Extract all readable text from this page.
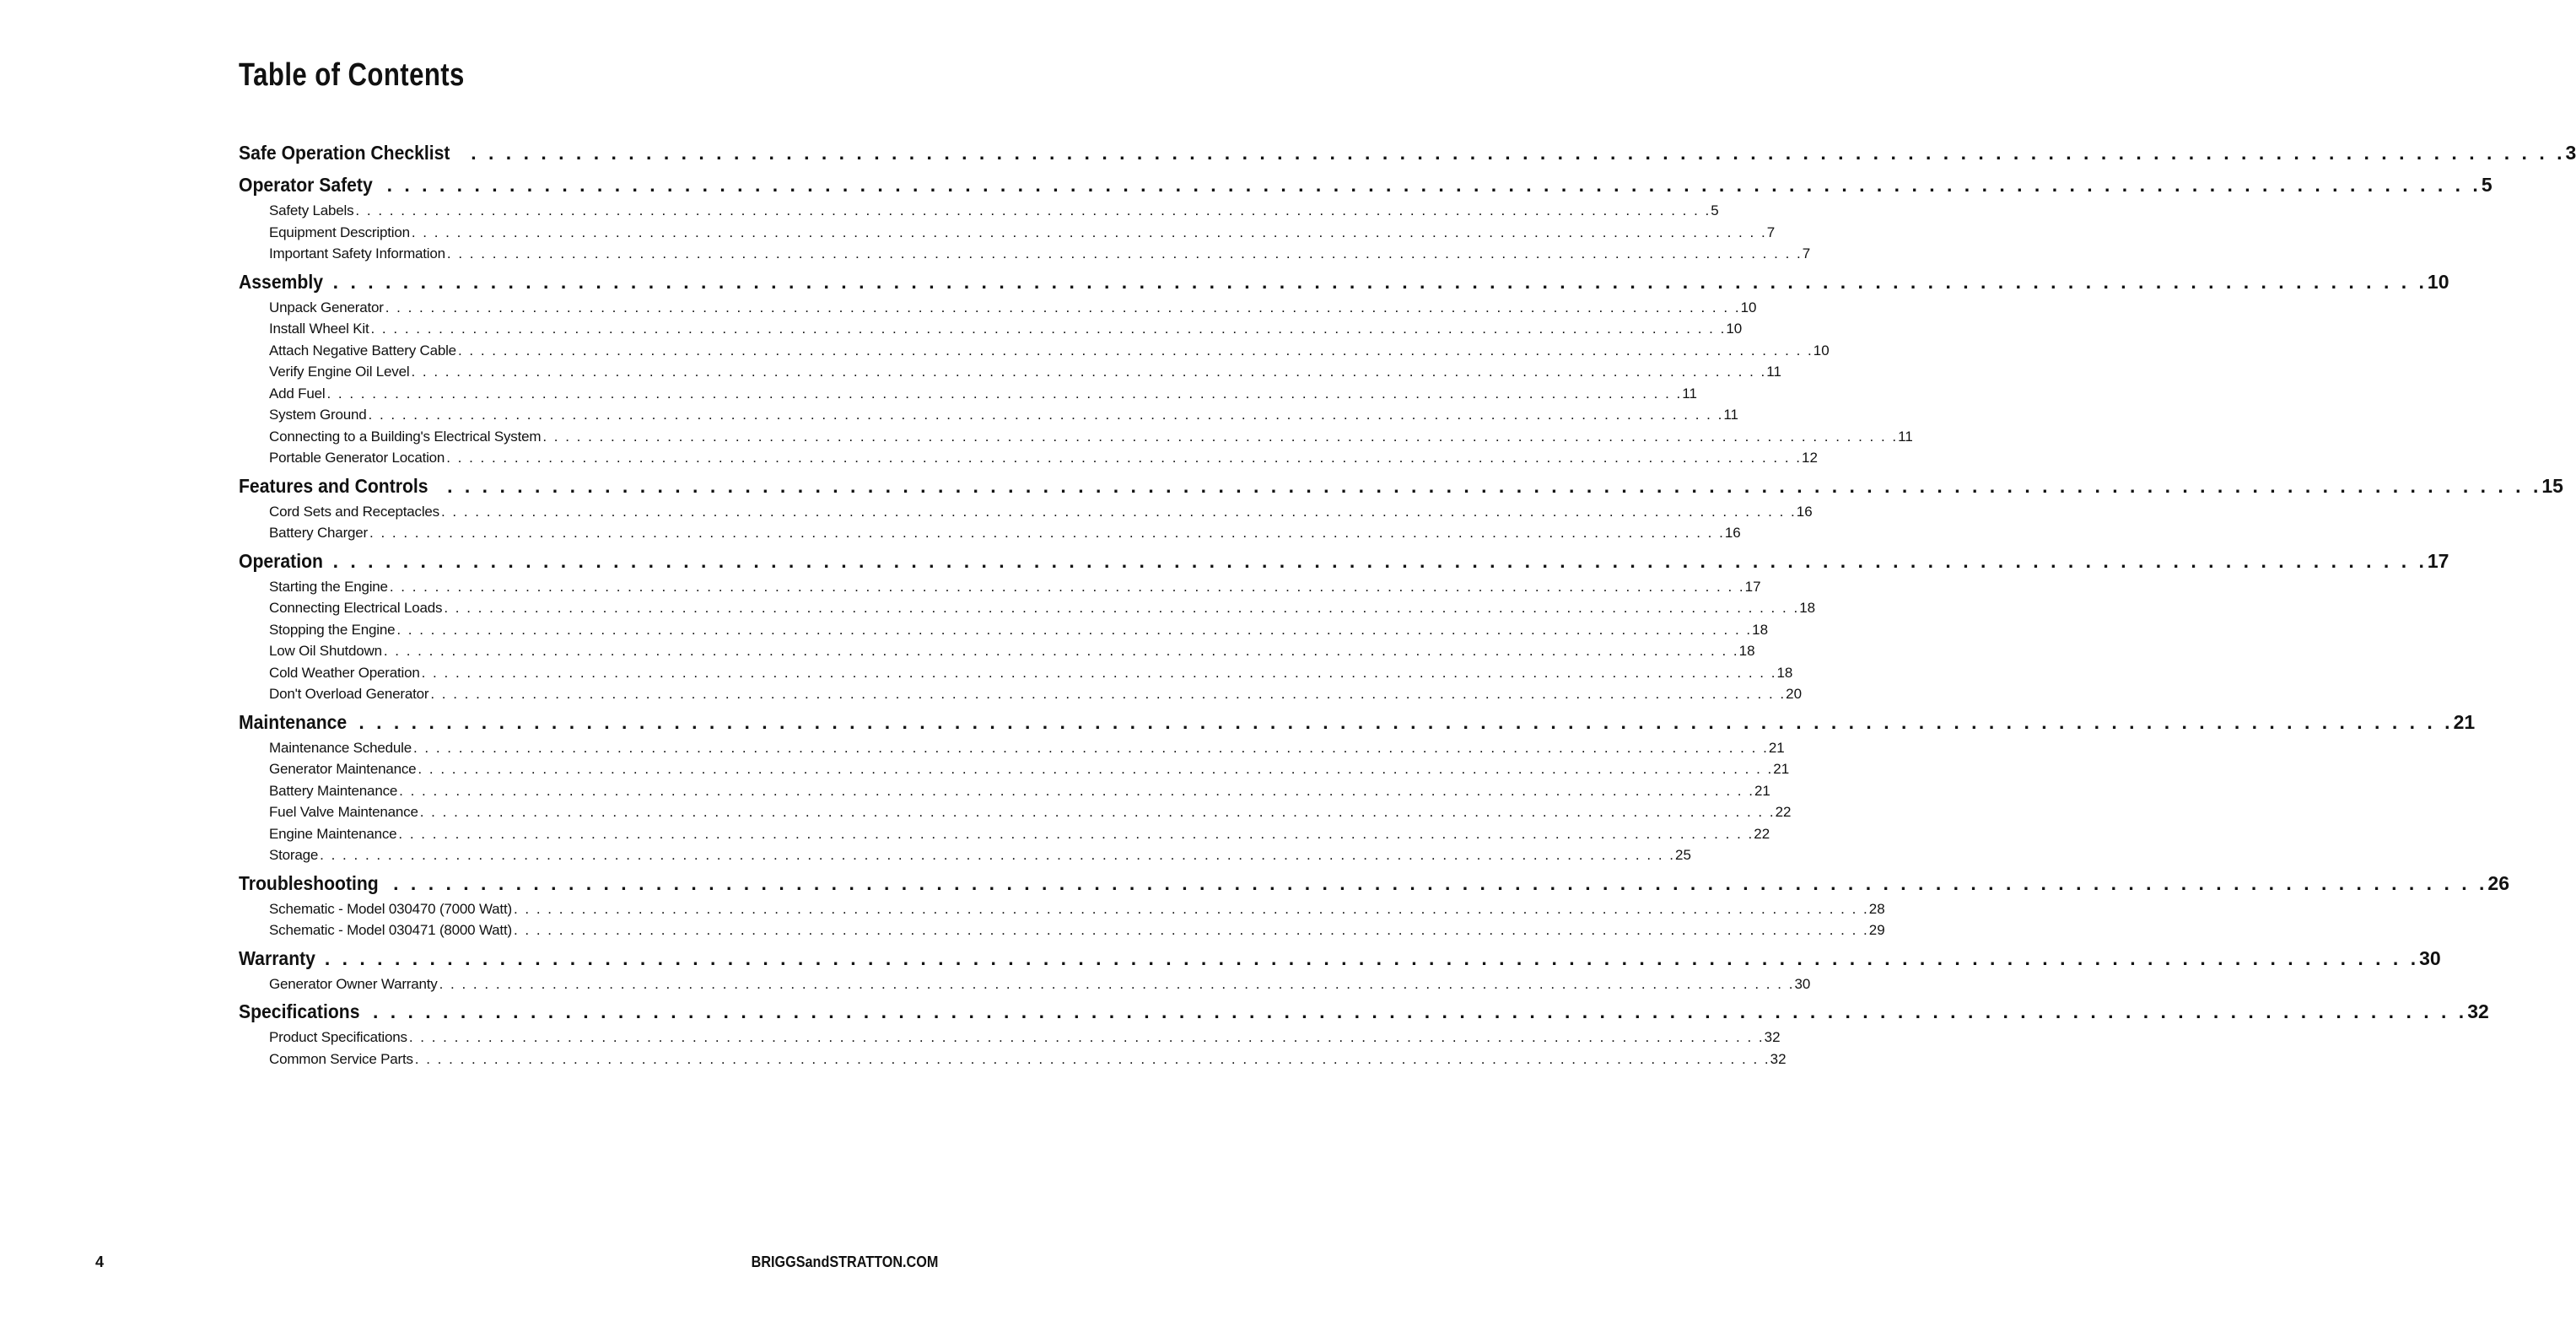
Table of Contents
Safe Operation Checklist . . . . . . . . . . . . . . . . . . . . . . . . . . . . . . . . . . . . . . . . . . . . . . . . . . . . . . . . . . . . . . . . . . . . . . . . . . . . . . . . . . . . . . . . . . . . . . . . . . . . . . . . . . . . . . . . . . . . . . . . 3
Operator Safety . . . . . . . . . . . . . . . . . . . . . . . . . . . . . . . . . . . . . . . . . . . . . . . . . . . . . . . . . . . . . . . . . . . . . . . . . . . . . . . . . . . . . . . . . . . . . . . . . . . . . . . . . . . . . . . . . . . . . . . . 5
Safety Labels . . . . . . . . . . . . . . . . . . . . . . . . . . . . . . . . . . . . . . . . . . . . . . . . . . . . . . . . . . . . . . . . . . . . . . . . . . . . . . . . . . . . . . . . . . . . . . . . . . . . . . . . . . . . . . . . . . . . . . . . 5
Equipment Description . . . . . . . . . . . . . . . . . . . . . . . . . . . . . . . . . . . . . . . . . . . . . . . . . . . . . . . . . . . . . . . . . . . . . . . . . . . . . . . . . . . . . . . . . . . . . . . . . . . . . . . . . . . . . . . . . . . . . . . . 7
Important Safety Information . . . . . . . . . . . . . . . . . . . . . . . . . . . . . . . . . . . . . . . . . . . . . . . . . . . . . . . . . . . . . . . . . . . . . . . . . . . . . . . . . . . . . . . . . . . . . . . . . . . . . . . . . . . . . . . . . . . . . . . . 7
Assembly . . . . . . . . . . . . . . . . . . . . . . . . . . . . . . . . . . . . . . . . . . . . . . . . . . . . . . . . . . . . . . . . . . . . . . . . . . . . . . . . . . . . . . . . . . . . . . . . . . . . . . . . . . . . . . . . . . . . . . . . 10
Unpack Generator . . . . . . . . . . . . . . . . . . . . . . . . . . . . . . . . . . . . . . . . . . . . . . . . . . . . . . . . . . . . . . . . . . . . . . . . . . . . . . . . . . . . . . . . . . . . . . . . . . . . . . . . . . . . . . . . . . . . . . . . 10
Install Wheel Kit . . . . . . . . . . . . . . . . . . . . . . . . . . . . . . . . . . . . . . . . . . . . . . . . . . . . . . . . . . . . . . . . . . . . . . . . . . . . . . . . . . . . . . . . . . . . . . . . . . . . . . . . . . . . . . . . . . . . . . . . 10
Attach Negative Battery Cable . . . . . . . . . . . . . . . . . . . . . . . . . . . . . . . . . . . . . . . . . . . . . . . . . . . . . . . . . . . . . . . . . . . . . . . . . . . . . . . . . . . . . . . . . . . . . . . . . . . . . . . . . . . . . . . . . . . . . . . . 10
Verify Engine Oil Level . . . . . . . . . . . . . . . . . . . . . . . . . . . . . . . . . . . . . . . . . . . . . . . . . . . . . . . . . . . . . . . . . . . . . . . . . . . . . . . . . . . . . . . . . . . . . . . . . . . . . . . . . . . . . . . . . . . . . . . . 11
Add Fuel . . . . . . . . . . . . . . . . . . . . . . . . . . . . . . . . . . . . . . . . . . . . . . . . . . . . . . . . . . . . . . . . . . . . . . . . . . . . . . . . . . . . . . . . . . . . . . . . . . . . . . . . . . . . . . . . . . . . . . . . 11
System Ground . . . . . . . . . . . . . . . . . . . . . . . . . . . . . . . . . . . . . . . . . . . . . . . . . . . . . . . . . . . . . . . . . . . . . . . . . . . . . . . . . . . . . . . . . . . . . . . . . . . . . . . . . . . . . . . . . . . . . . . . 11
Connecting to a Building's Electrical System . . . . . . . . . . . . . . . . . . . . . . . . . . . . . . . . . . . . . . . . . . . . . . . . . . . . . . . . . . . . . . . . . . . . . . . . . . . . . . . . . . . . . . . . . . . . . . . . . . . . . . . . . . . . . . . . . . . . . . . . 11
Portable Generator Location . . . . . . . . . . . . . . . . . . . . . . . . . . . . . . . . . . . . . . . . . . . . . . . . . . . . . . . . . . . . . . . . . . . . . . . . . . . . . . . . . . . . . . . . . . . . . . . . . . . . . . . . . . . . . . . . . . . . . . . . 12
Features and Controls . . . . . . . . . . . . . . . . . . . . . . . . . . . . . . . . . . . . . . . . . . . . . . . . . . . . . . . . . . . . . . . . . . . . . . . . . . . . . . . . . . . . . . . . . . . . . . . . . . . . . . . . . . . . . . . . . . . . . . . . 15
Cord Sets and Receptacles . . . . . . . . . . . . . . . . . . . . . . . . . . . . . . . . . . . . . . . . . . . . . . . . . . . . . . . . . . . . . . . . . . . . . . . . . . . . . . . . . . . . . . . . . . . . . . . . . . . . . . . . . . . . . . . . . . . . . . . . 16
Battery Charger . . . . . . . . . . . . . . . . . . . . . . . . . . . . . . . . . . . . . . . . . . . . . . . . . . . . . . . . . . . . . . . . . . . . . . . . . . . . . . . . . . . . . . . . . . . . . . . . . . . . . . . . . . . . . . . . . . . . . . . . 16
Operation . . . . . . . . . . . . . . . . . . . . . . . . . . . . . . . . . . . . . . . . . . . . . . . . . . . . . . . . . . . . . . . . . . . . . . . . . . . . . . . . . . . . . . . . . . . . . . . . . . . . . . . . . . . . . . . . . . . . . . . . 17
Starting the Engine . . . . . . . . . . . . . . . . . . . . . . . . . . . . . . . . . . . . . . . . . . . . . . . . . . . . . . . . . . . . . . . . . . . . . . . . . . . . . . . . . . . . . . . . . . . . . . . . . . . . . . . . . . . . . . . . . . . . . . . . 17
Connecting Electrical Loads . . . . . . . . . . . . . . . . . . . . . . . . . . . . . . . . . . . . . . . . . . . . . . . . . . . . . . . . . . . . . . . . . . . . . . . . . . . . . . . . . . . . . . . . . . . . . . . . . . . . . . . . . . . . . . . . . . . . . . . . 18
Stopping the Engine . . . . . . . . . . . . . . . . . . . . . . . . . . . . . . . . . . . . . . . . . . . . . . . . . . . . . . . . . . . . . . . . . . . . . . . . . . . . . . . . . . . . . . . . . . . . . . . . . . . . . . . . . . . . . . . . . . . . . . . . 18
Low Oil Shutdown . . . . . . . . . . . . . . . . . . . . . . . . . . . . . . . . . . . . . . . . . . . . . . . . . . . . . . . . . . . . . . . . . . . . . . . . . . . . . . . . . . . . . . . . . . . . . . . . . . . . . . . . . . . . . . . . . . . . . . . . 18
Cold Weather Operation . . . . . . . . . . . . . . . . . . . . . . . . . . . . . . . . . . . . . . . . . . . . . . . . . . . . . . . . . . . . . . . . . . . . . . . . . . . . . . . . . . . . . . . . . . . . . . . . . . . . . . . . . . . . . . . . . . . . . . . . 18
Don't Overload Generator . . . . . . . . . . . . . . . . . . . . . . . . . . . . . . . . . . . . . . . . . . . . . . . . . . . . . . . . . . . . . . . . . . . . . . . . . . . . . . . . . . . . . . . . . . . . . . . . . . . . . . . . . . . . . . . . . . . . . . . . 20
Maintenance . . . . . . . . . . . . . . . . . . . . . . . . . . . . . . . . . . . . . . . . . . . . . . . . . . . . . . . . . . . . . . . . . . . . . . . . . . . . . . . . . . . . . . . . . . . . . . . . . . . . . . . . . . . . . . . . . . . . . . . . 21
Maintenance Schedule . . . . . . . . . . . . . . . . . . . . . . . . . . . . . . . . . . . . . . . . . . . . . . . . . . . . . . . . . . . . . . . . . . . . . . . . . . . . . . . . . . . . . . . . . . . . . . . . . . . . . . . . . . . . . . . . . . . . . . . . 21
Generator Maintenance . . . . . . . . . . . . . . . . . . . . . . . . . . . . . . . . . . . . . . . . . . . . . . . . . . . . . . . . . . . . . . . . . . . . . . . . . . . . . . . . . . . . . . . . . . . . . . . . . . . . . . . . . . . . . . . . . . . . . . . . 21
Battery Maintenance . . . . . . . . . . . . . . . . . . . . . . . . . . . . . . . . . . . . . . . . . . . . . . . . . . . . . . . . . . . . . . . . . . . . . . . . . . . . . . . . . . . . . . . . . . . . . . . . . . . . . . . . . . . . . . . . . . . . . . . . 21
Fuel Valve Maintenance . . . . . . . . . . . . . . . . . . . . . . . . . . . . . . . . . . . . . . . . . . . . . . . . . . . . . . . . . . . . . . . . . . . . . . . . . . . . . . . . . . . . . . . . . . . . . . . . . . . . . . . . . . . . . . . . . . . . . . . . 22
Engine Maintenance . . . . . . . . . . . . . . . . . . . . . . . . . . . . . . . . . . . . . . . . . . . . . . . . . . . . . . . . . . . . . . . . . . . . . . . . . . . . . . . . . . . . . . . . . . . . . . . . . . . . . . . . . . . . . . . . . . . . . . . . 22
Storage . . . . . . . . . . . . . . . . . . . . . . . . . . . . . . . . . . . . . . . . . . . . . . . . . . . . . . . . . . . . . . . . . . . . . . . . . . . . . . . . . . . . . . . . . . . . . . . . . . . . . . . . . . . . . . . . . . . . . . . . 25
Troubleshooting . . . . . . . . . . . . . . . . . . . . . . . . . . . . . . . . . . . . . . . . . . . . . . . . . . . . . . . . . . . . . . . . . . . . . . . . . . . . . . . . . . . . . . . . . . . . . . . . . . . . . . . . . . . . . . . . . . . . . . . . 26
Schematic - Model 030470 (7000 Watt) . . . . . . . . . . . . . . . . . . . . . . . . . . . . . . . . . . . . . . . . . . . . . . . . . . . . . . . . . . . . . . . . . . . . . . . . . . . . . . . . . . . . . . . . . . . . . . . . . . . . . . . . . . . . . . . . . . . . . . . . 28
Schematic - Model 030471 (8000 Watt) . . . . . . . . . . . . . . . . . . . . . . . . . . . . . . . . . . . . . . . . . . . . . . . . . . . . . . . . . . . . . . . . . . . . . . . . . . . . . . . . . . . . . . . . . . . . . . . . . . . . . . . . . . . . . . . . . . . . . . . . 29
Warranty . . . . . . . . . . . . . . . . . . . . . . . . . . . . . . . . . . . . . . . . . . . . . . . . . . . . . . . . . . . . . . . . . . . . . . . . . . . . . . . . . . . . . . . . . . . . . . . . . . . . . . . . . . . . . . . . . . . . . . . . 30
Generator Owner Warranty . . . . . . . . . . . . . . . . . . . . . . . . . . . . . . . . . . . . . . . . . . . . . . . . . . . . . . . . . . . . . . . . . . . . . . . . . . . . . . . . . . . . . . . . . . . . . . . . . . . . . . . . . . . . . . . . . . . . . . . . 30
Specifications . . . . . . . . . . . . . . . . . . . . . . . . . . . . . . . . . . . . . . . . . . . . . . . . . . . . . . . . . . . . . . . . . . . . . . . . . . . . . . . . . . . . . . . . . . . . . . . . . . . . . . . . . . . . . . . . . . . . . . . . 32
Product Specifications . . . . . . . . . . . . . . . . . . . . . . . . . . . . . . . . . . . . . . . . . . . . . . . . . . . . . . . . . . . . . . . . . . . . . . . . . . . . . . . . . . . . . . . . . . . . . . . . . . . . . . . . . . . . . . . . . . . . . . . . 32
Common Service Parts . . . . . . . . . . . . . . . . . . . . . . . . . . . . . . . . . . . . . . . . . . . . . . . . . . . . . . . . . . . . . . . . . . . . . . . . . . . . . . . . . . . . . . . . . . . . . . . . . . . . . . . . . . . . . . . . . . . . . . . . 32
4	BRIGGSandSTRATTON.COM
